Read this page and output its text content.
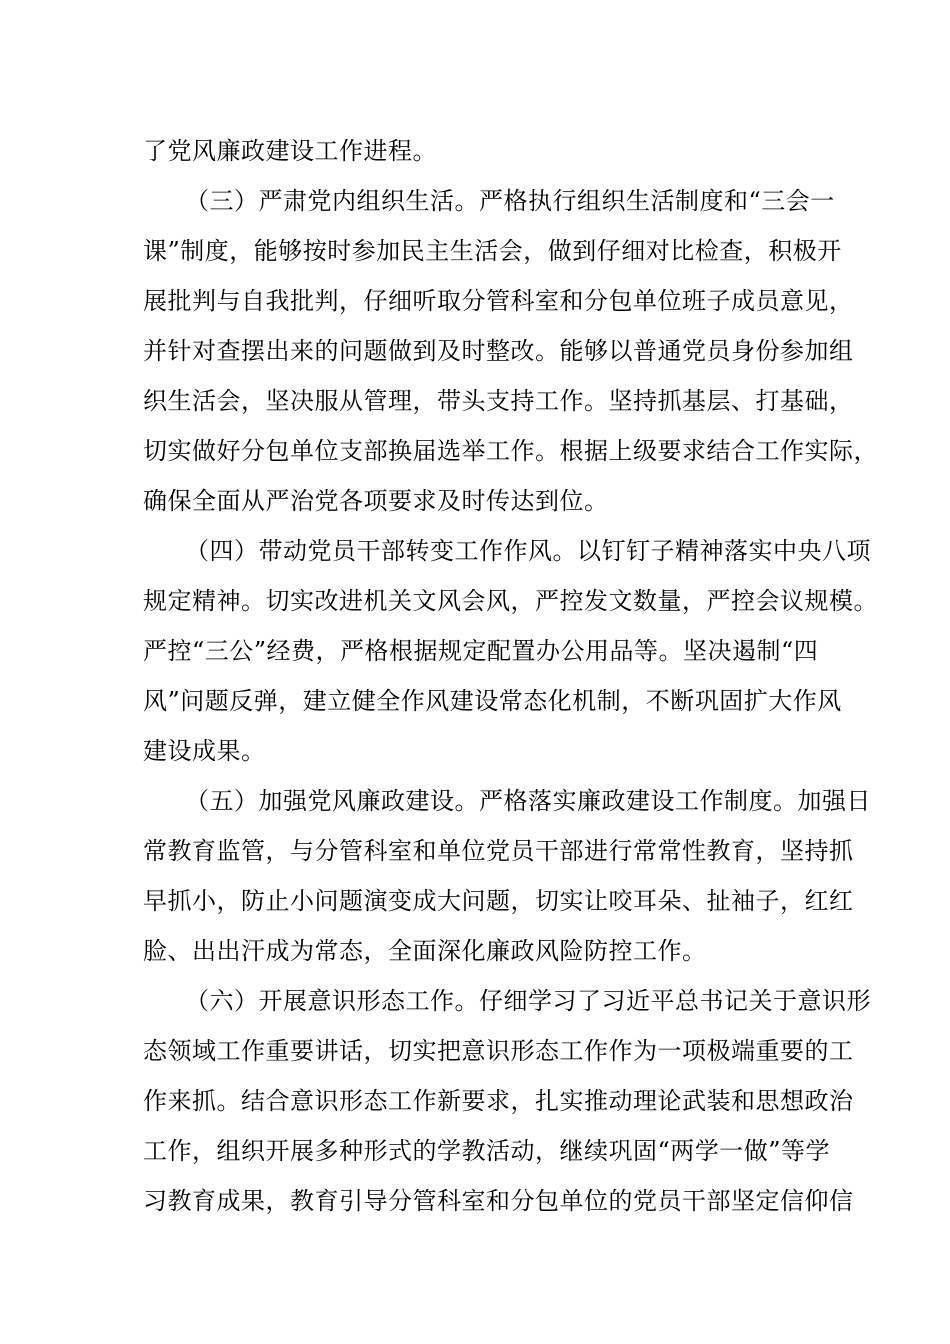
了党风廉政建设工作进程。
（三）严肃党内组织生活。严格执行组织生活制度和“三会一
课”制度，能够按时参加民主生活会，做到仔细对比检查，积极开
展批判与自我批判，仔细听取分管科室和分包单位班子成员意见，
并针对查摆出来的问题做到及时整改。能够以普通党员身份参加组
织生活会，坚决服从管理，带头支持工作。坚持抓基层、打基础，
切实做好分包单位支部换届选举工作。根据上级要求结合工作实际，
确保全面从严治党各项要求及时传达到位。
（四）带动党员干部转变工作作风。以钉钉子精神落实中央八项
规定精神。切实改进机关文风会风，严控发文数量，严控会议规模。
严控“三公”经费，严格根据规定配置办公用品等。坚决遏制“四
风”问题反弹，建立健全作风建设常态化机制，不断巩固扩大作风
建设成果。
（五）加强党风廉政建设。严格落实廉政建设工作制度。加强日
常教育监管，与分管科室和单位党员干部进行常常性教育，坚持抓
早抓小，防止小问题演变成大问题，切实让咬耳朵、扯袖子，红红
脸、出出汗成为常态，全面深化廉政风险防控工作。
（六）开展意识形态工作。仔细学习了习近平总书记关于意识形
态领域工作重要讲话，切实把意识形态工作作为一项极端重要的工
作来抓。结合意识形态工作新要求，扎实推动理论武装和思想政治
工作，组织开展多种形式的学教活动，继续巩固“两学一做”等学
习教育成果，教育引导分管科室和分包单位的党员干部坚定信仰信
